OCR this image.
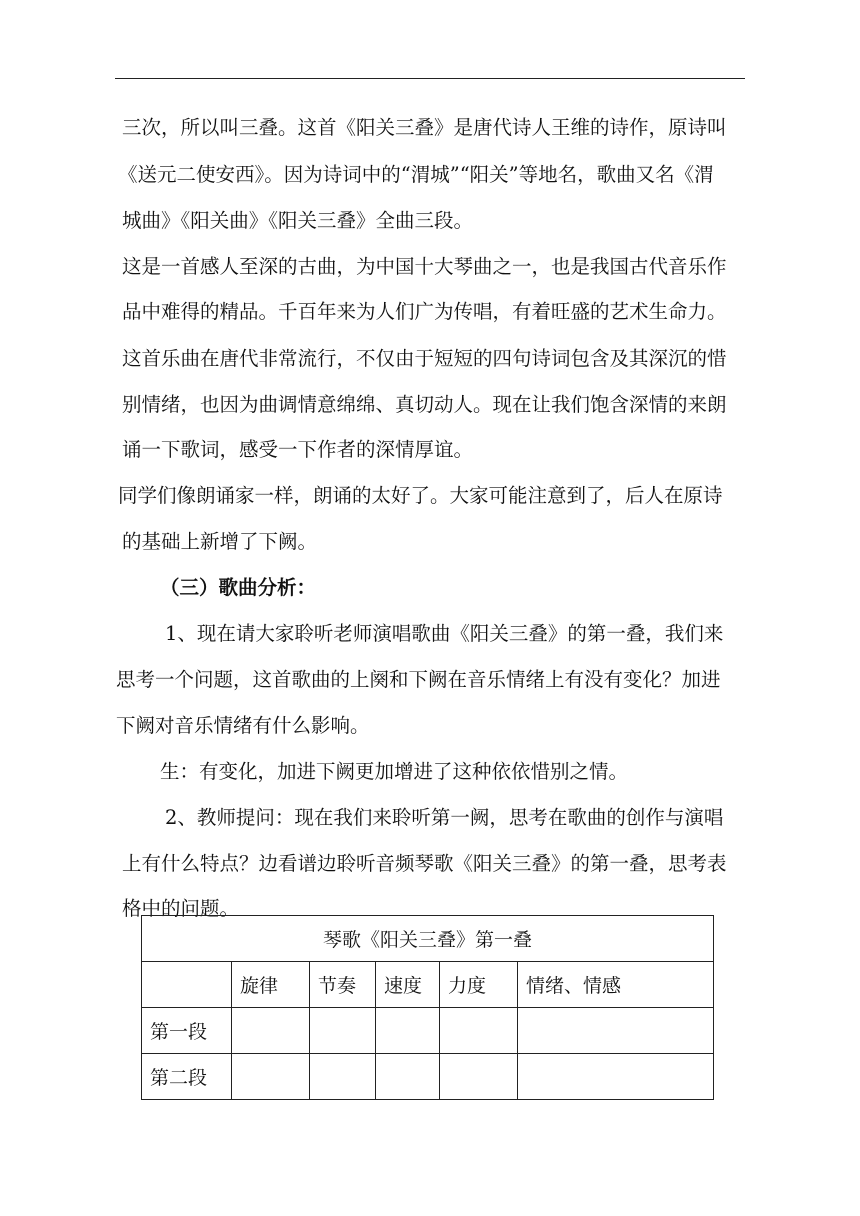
三次，所以叫三叠。这首《阳关三叠》是唐代诗人王维的诗作，原诗叫
《送元二使安西》。因为诗词中的“渭城”“阳关”等地名，歌曲又名《渭
城曲》《阳关曲》《阳关三叠》全曲三段。
这是一首感人至深的古曲，为中国十大琴曲之一，也是我国古代音乐作
品中难得的精品。千百年来为人们广为传唱，有着旺盛的艺术生命力。
这首乐曲在唐代非常流行，不仅由于短短的四句诗词包含及其深沉的惜
别情绪，也因为曲调情意绵绵、真切动人。现在让我们饱含深情的来朗
诵一下歌词，感受一下作者的深情厚谊。
同学们像朗诵家一样，朗诵的太好了。大家可能注意到了，后人在原诗
的基础上新增了下阙。
（三）歌曲分析：
1、现在请大家聆听老师演唱歌曲《阳关三叠》的第一叠，我们来
思考一个问题，这首歌曲的上阕和下阙在音乐情绪上有没有变化？加进
下阙对音乐情绪有什么影响。
生：有变化，加进下阙更加增进了这种依依惜别之情。
2、教师提问：现在我们来聆听第一阙，思考在歌曲的创作与演唱
上有什么特点？边看谱边聆听音频琴歌《阳关三叠》的第一叠，思考表
格中的问题。
琴歌《阳关三叠》第一叠					
	旋律	节奏	速度	力度	情绪、情感
第一段					
第二段					
